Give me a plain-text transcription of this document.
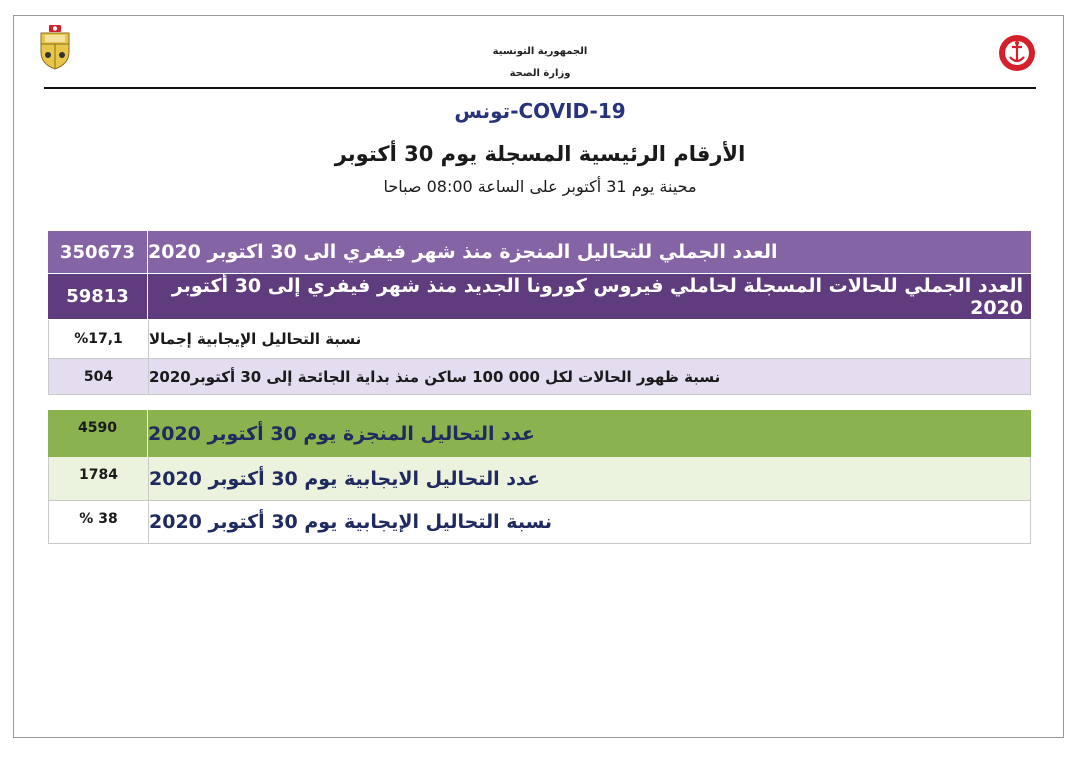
الجمهورية التونسية
وزارة الصحة
تونس-COVID-19
الأرقام الرئيسية المسجلة يوم 30 أكتوبر
محينة يوم 31 أكتوبر على الساعة 08:00 صباحا
350673 العدد الجملي للتحاليل المنجزة منذ شهر فيفري الى 30 اكتوبر 2020
59813	العدد الجملي للحالات المسجلة لحاملي فيروس كورونا الجديد منذ شهر فيفري إلى 30 أكتوبر 2020
%17,1	نسبة التحاليل الإيجابية إجمالا
504	نسبة ظهور الحالات لكل 000 100 ساكن منذ بداية الجائحة إلى 30 أكتوبر2020
4590	عدد التحاليل المنجزة يوم 30 أكتوبر 2020
1784	عدد التحاليل الايجابية يوم 30 أكتوبر 2020
% 38	نسبة التحاليل الإيجابية يوم 30 أكتوبر 2020
